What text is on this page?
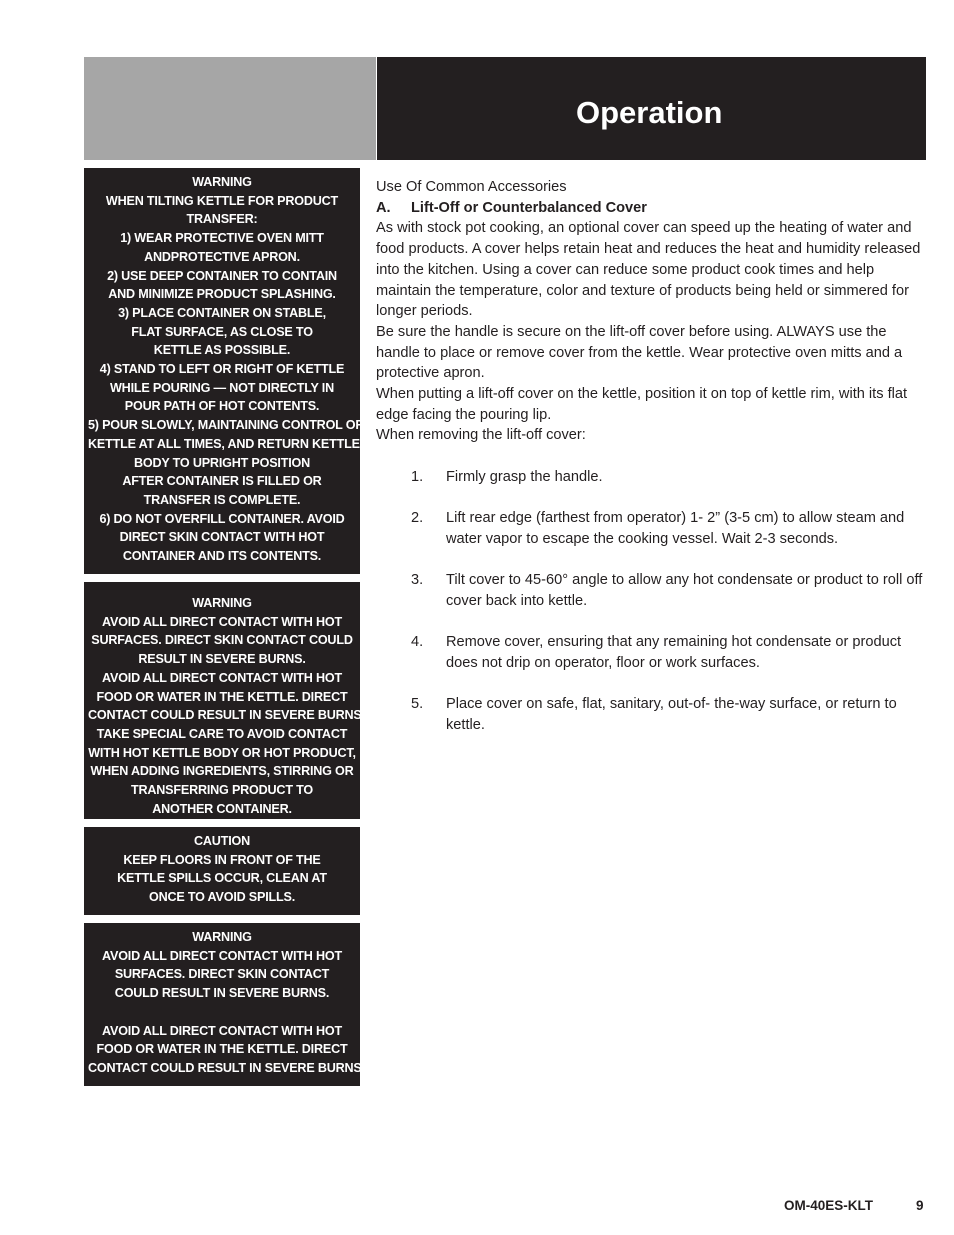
Operation
WARNING
WHEN TILTING KETTLE FOR PRODUCT
TRANSFER:
1) WEAR PROTECTIVE OVEN MITT
ANDPROTECTIVE APRON.
2) USE DEEP CONTAINER TO CONTAIN
AND MINIMIZE PRODUCT SPLASHING.
3) PLACE CONTAINER ON STABLE,
FLAT SURFACE, AS CLOSE TO
KETTLE AS POSSIBLE.
4) STAND TO LEFT OR RIGHT OF KETTLE
WHILE POURING — NOT DIRECTLY IN
POUR PATH OF HOT CONTENTS.
5) POUR SLOWLY, MAINTAINING CONTROL OF
KETTLE AT ALL TIMES, AND RETURN KETTLE
BODY TO UPRIGHT POSITION
AFTER CONTAINER IS FILLED OR
TRANSFER IS COMPLETE.
6) DO NOT OVERFILL CONTAINER. AVOID
DIRECT SKIN CONTACT WITH HOT
CONTAINER AND ITS CONTENTS.
WARNING
AVOID ALL DIRECT CONTACT WITH HOT
SURFACES. DIRECT SKIN CONTACT COULD
RESULT IN SEVERE BURNS.
AVOID ALL DIRECT CONTACT WITH HOT
FOOD OR WATER IN THE KETTLE. DIRECT
CONTACT COULD RESULT IN SEVERE BURNS.
TAKE SPECIAL CARE TO AVOID CONTACT
WITH HOT KETTLE BODY OR HOT PRODUCT,
WHEN ADDING INGREDIENTS, STIRRING OR
TRANSFERRING PRODUCT TO
ANOTHER CONTAINER.
CAUTION
KEEP FLOORS IN FRONT OF THE
KETTLE SPILLS OCCUR, CLEAN AT
ONCE TO AVOID SPILLS.
WARNING
AVOID ALL DIRECT CONTACT WITH HOT
SURFACES. DIRECT SKIN CONTACT
COULD RESULT IN SEVERE BURNS.
AVOID ALL DIRECT CONTACT WITH HOT
FOOD OR WATER IN THE KETTLE. DIRECT
CONTACT COULD RESULT IN SEVERE BURNS.

Use Of Common Accessories

A. Lift-Off or Counterbalanced Cover

As with stock pot cooking, an optional cover can speed up the heating of water and food products. A cover helps retain heat and reduces the heat and humidity released into the kitchen. Using a cover can reduce some product cook times and help maintain the temperature, color and texture of products being held or simmered for longer periods.

Be sure the handle is secure on the lift-off cover before using. ALWAYS use the handle to place or remove cover from the kettle. Wear protective oven mitts and a protective apron.

When putting a lift-off cover on the kettle, position it on top of kettle rim, with its flat edge facing the pouring lip.

When removing the lift-off cover:

1. Firmly grasp the handle.
2. Lift rear edge (farthest from operator) 1- 2” (3-5 cm) to allow steam and water vapor to escape the cooking vessel. Wait 2-3 seconds.
3. Tilt cover to 45-60° angle to allow any hot condensate or product to roll off cover back into kettle.
4. Remove cover, ensuring that any remaining hot condensate or product does not drip on operator, floor or work surfaces.
5. Place cover on safe, flat, sanitary, out-of- the-way surface, or return to kettle.
OM-40ES-KLT	9
